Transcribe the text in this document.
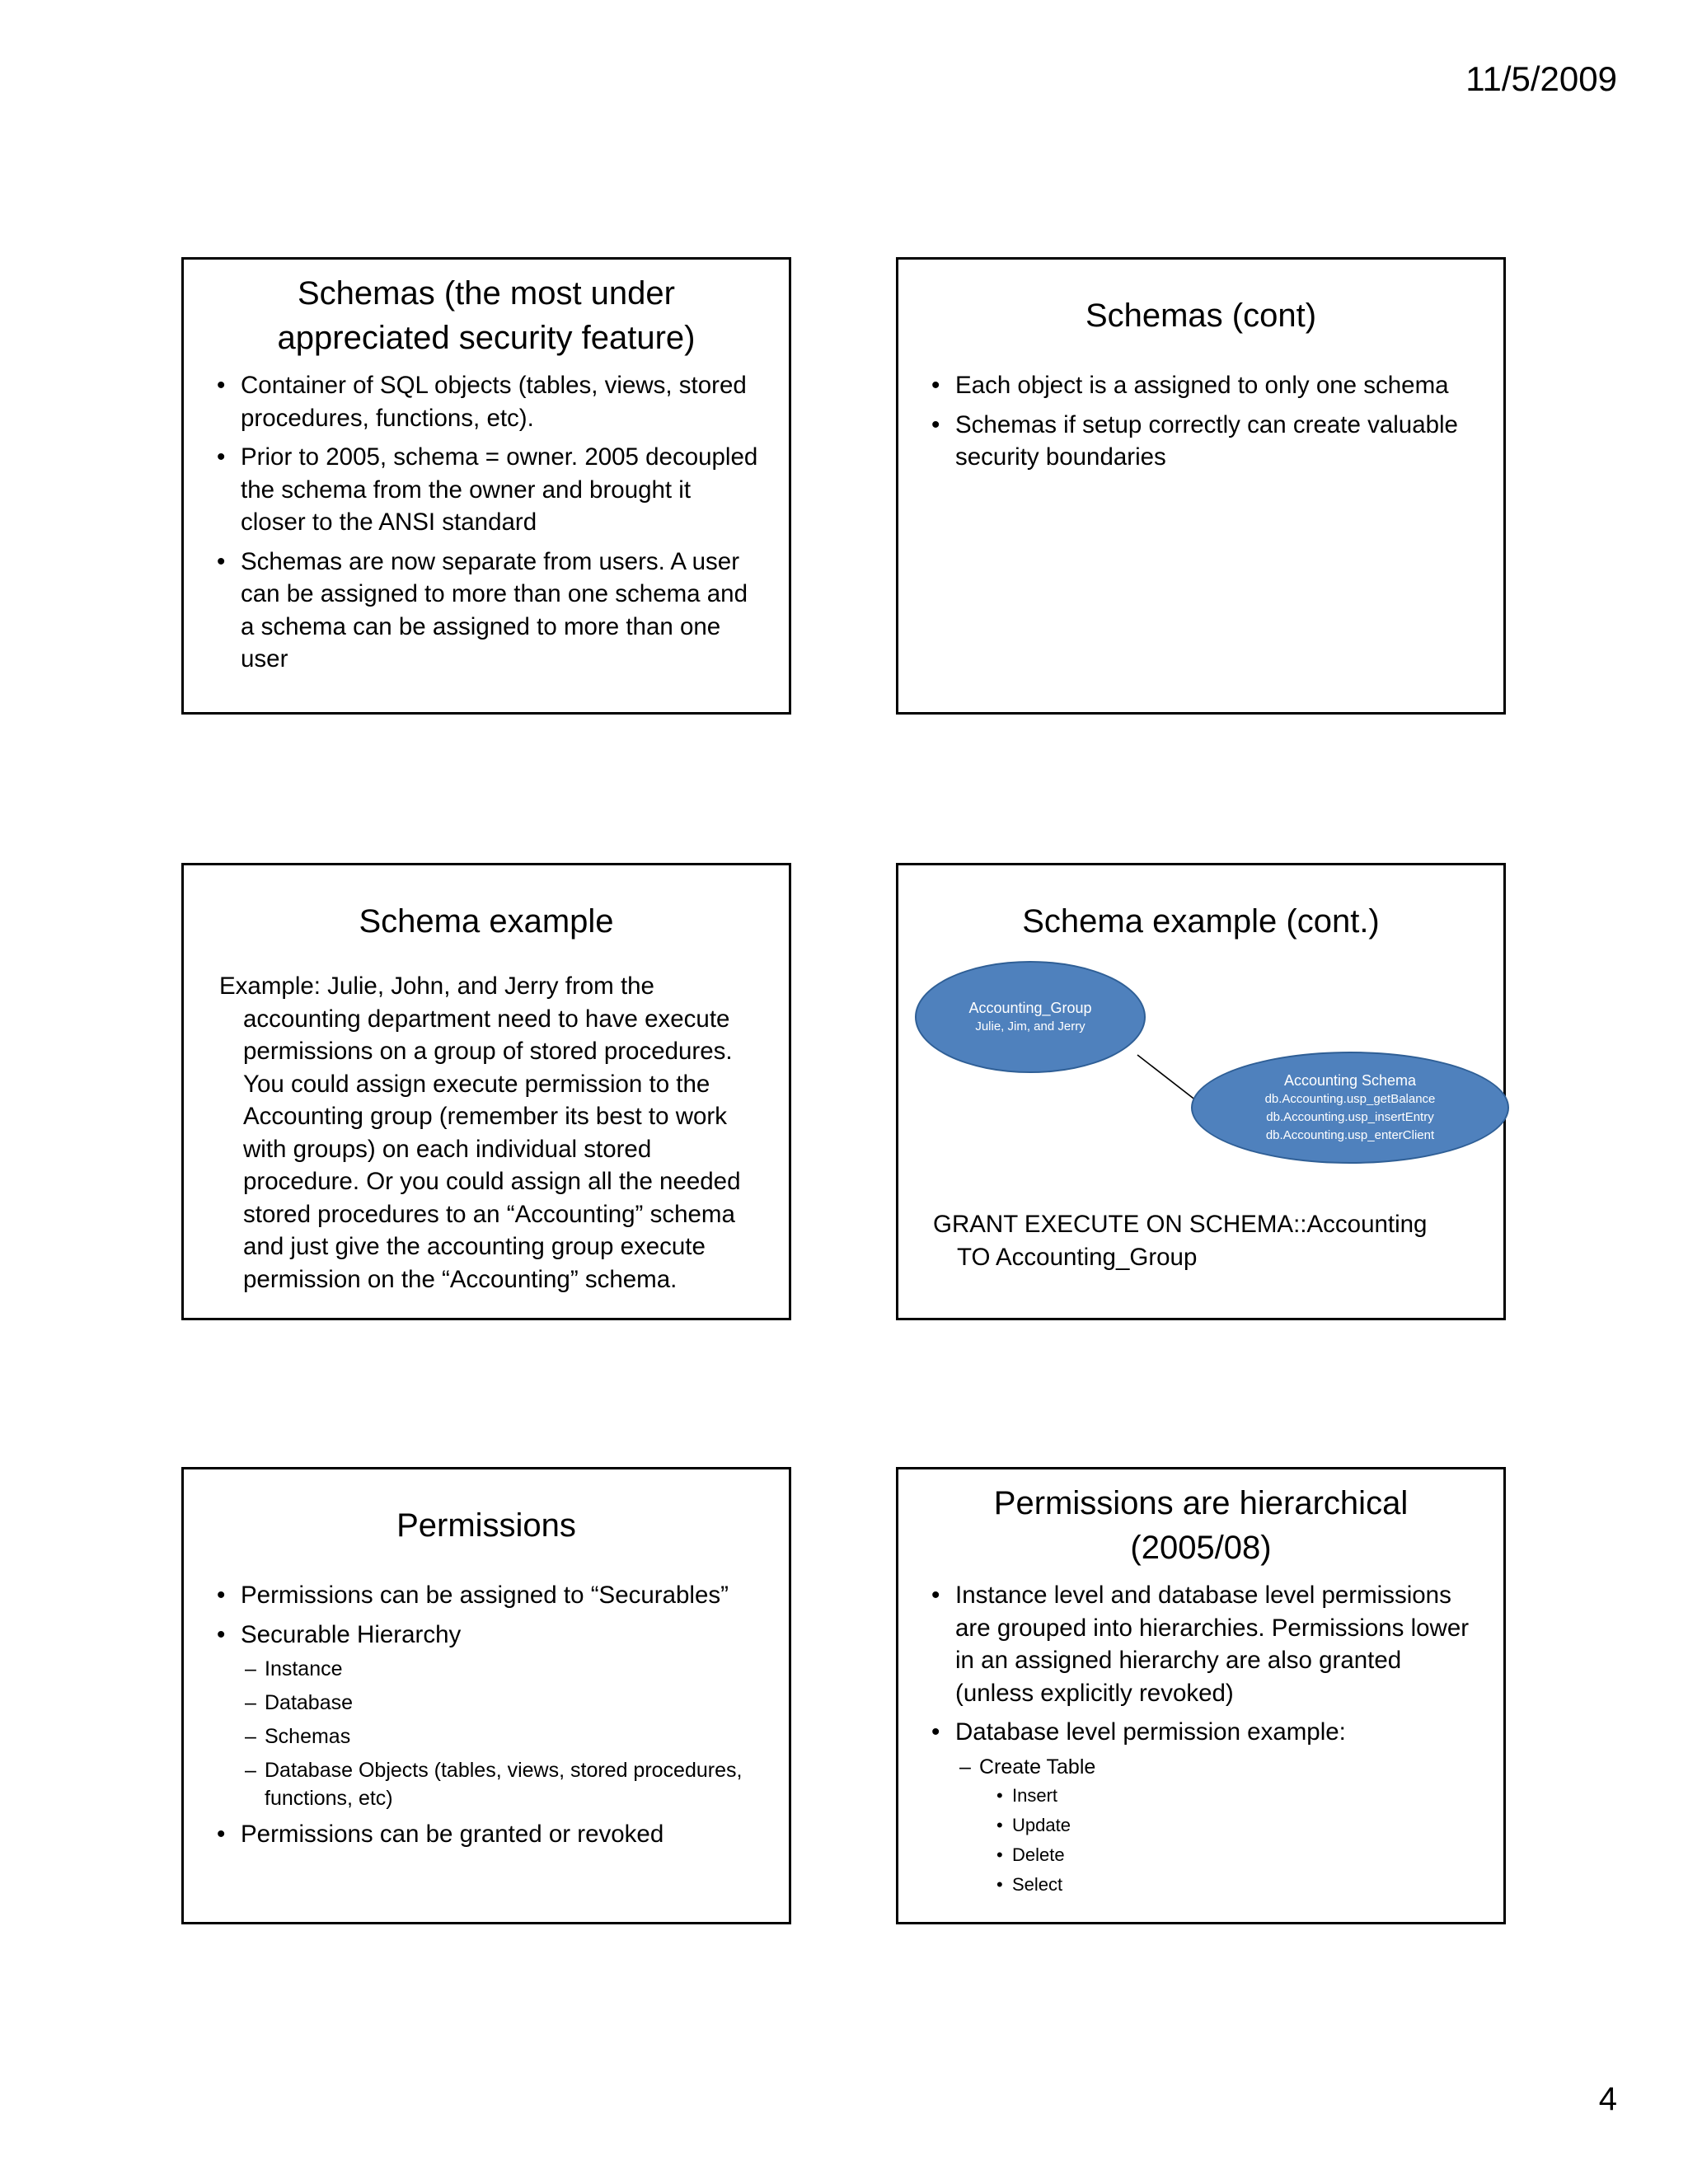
11/5/2009
Schemas (the most under
appreciated security feature)
• Container of SQL objects (tables, views, stored procedures, functions, etc).
• Prior to 2005, schema = owner. 2005 decoupled the schema from the owner and brought it closer to the ANSI standard
• Schemas are now separate from users. A user can be assigned to more than one schema and a schema can be assigned to more than one user
Schemas (cont)
• Each object is a assigned to only one schema
• Schemas if setup correctly can create valuable security boundaries
Schema example
Example: Julie, John, and Jerry from the accounting department need to have execute permissions on a group of stored procedures. You could assign execute permission to the Accounting group (remember its best to work with groups) on each individual stored procedure. Or you could assign all the needed stored procedures to an “Accounting” schema and just give the accounting group execute permission on the “Accounting” schema.
Schema example (cont.)
Accounting_Group
Julie, Jim, and Jerry
Accounting Schema
db.Accounting.usp_getBalance
db.Accounting.usp_insertEntry
db.Accounting.usp_enterClient
GRANT EXECUTE ON SCHEMA::Accounting TO Accounting_Group
Permissions
• Permissions can be assigned to “Securables”
• Securable Hierarchy
– Instance
– Database
– Schemas
– Database Objects (tables, views, stored procedures, functions, etc)
• Permissions can be granted or revoked
Permissions are hierarchical
(2005/08)
• Instance level and database level permissions are grouped into hierarchies. Permissions lower in an assigned hierarchy are also granted (unless explicitly revoked)
• Database level permission example:
– Create Table
• Insert
• Update
• Delete
• Select
4
